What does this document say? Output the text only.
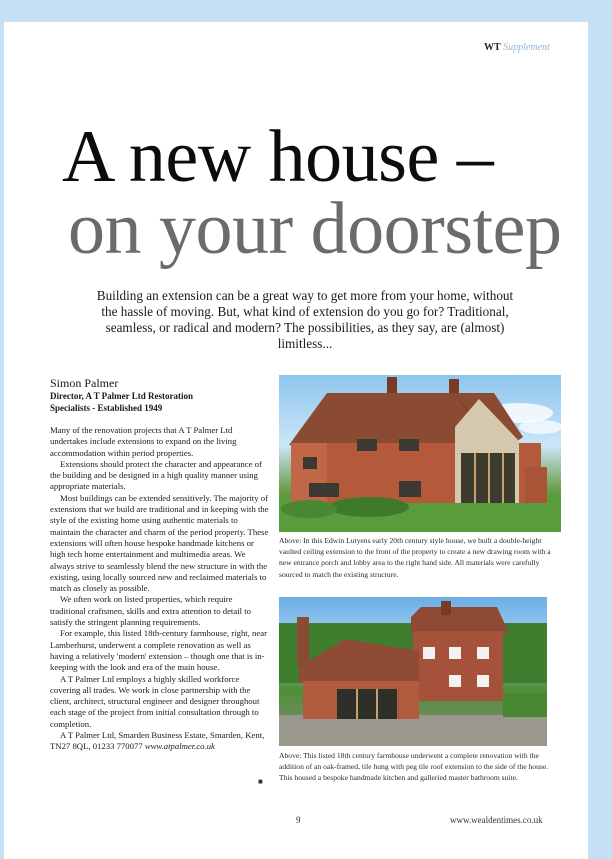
WT Supplement
A new house –
on your doorstep
Building an extension can be a great way to get more from your home, without the hassle of moving. But, what kind of extension do you go for? Traditional, seamless, or radical and modern? The possibilities, as they say, are (almost) limitless...
Simon Palmer
Director, A T Palmer Ltd Restoration
Specialists - Established 1949

Many of the renovation projects that A T Palmer Ltd undertakes include extensions to expand on the living accommodation within period properties.

Extensions should protect the character and appearance of the building and be designed in a high quality manner using appropriate materials.

Most buildings can be extended sensitively. The majority of extensions that we build are traditional and in keeping with the style of the existing home using authentic materials to maintain the character and charm of the period property. These extensions will often house bespoke handmade kitchens or high tech home entertainment and multimedia areas. We always strive to seamlessly blend the new structure in with the existing, using locally sourced new and reclaimed materials to match as closely as possible.

We often work on listed properties, which require traditional craftsmen, skills and extra attention to detail to satisfy the stringent planning requirements.

For example, this listed 18th-century farmhouse, right, near Lamberhurst, underwent a complete renovation as well as having a relatively 'modern' extension – though one that is in-keeping with the look and era of the main house.

A T Palmer Ltd employs a highly skilled workforce covering all trades. We work in close partnership with the client, architect, structural engineer and designer throughout each stage of the project from initial consultation through to completion.

A T Palmer Ltd, Smarden Business Estate, Smarden, Kent, TN27 8QL, 01233 770077 www.atpalmer.co.uk

■
Above: In this Edwin Lutyens early 20th century style house, we built a double-height vaulted ceiling extension to the front of the property to create a new drawing room with a new entrance porch and lobby area to the right hand side. All materials were carefully sourced to match the existing structure.
Above: This listed 18th century farmhouse underwent a complete renovation with the addition of an oak-framed, tile hung with peg tile roof extension to the side of the house. This housed a bespoke handmade kitchen and galleried master bathroom suite.
9	www.wealdentimes.co.uk
